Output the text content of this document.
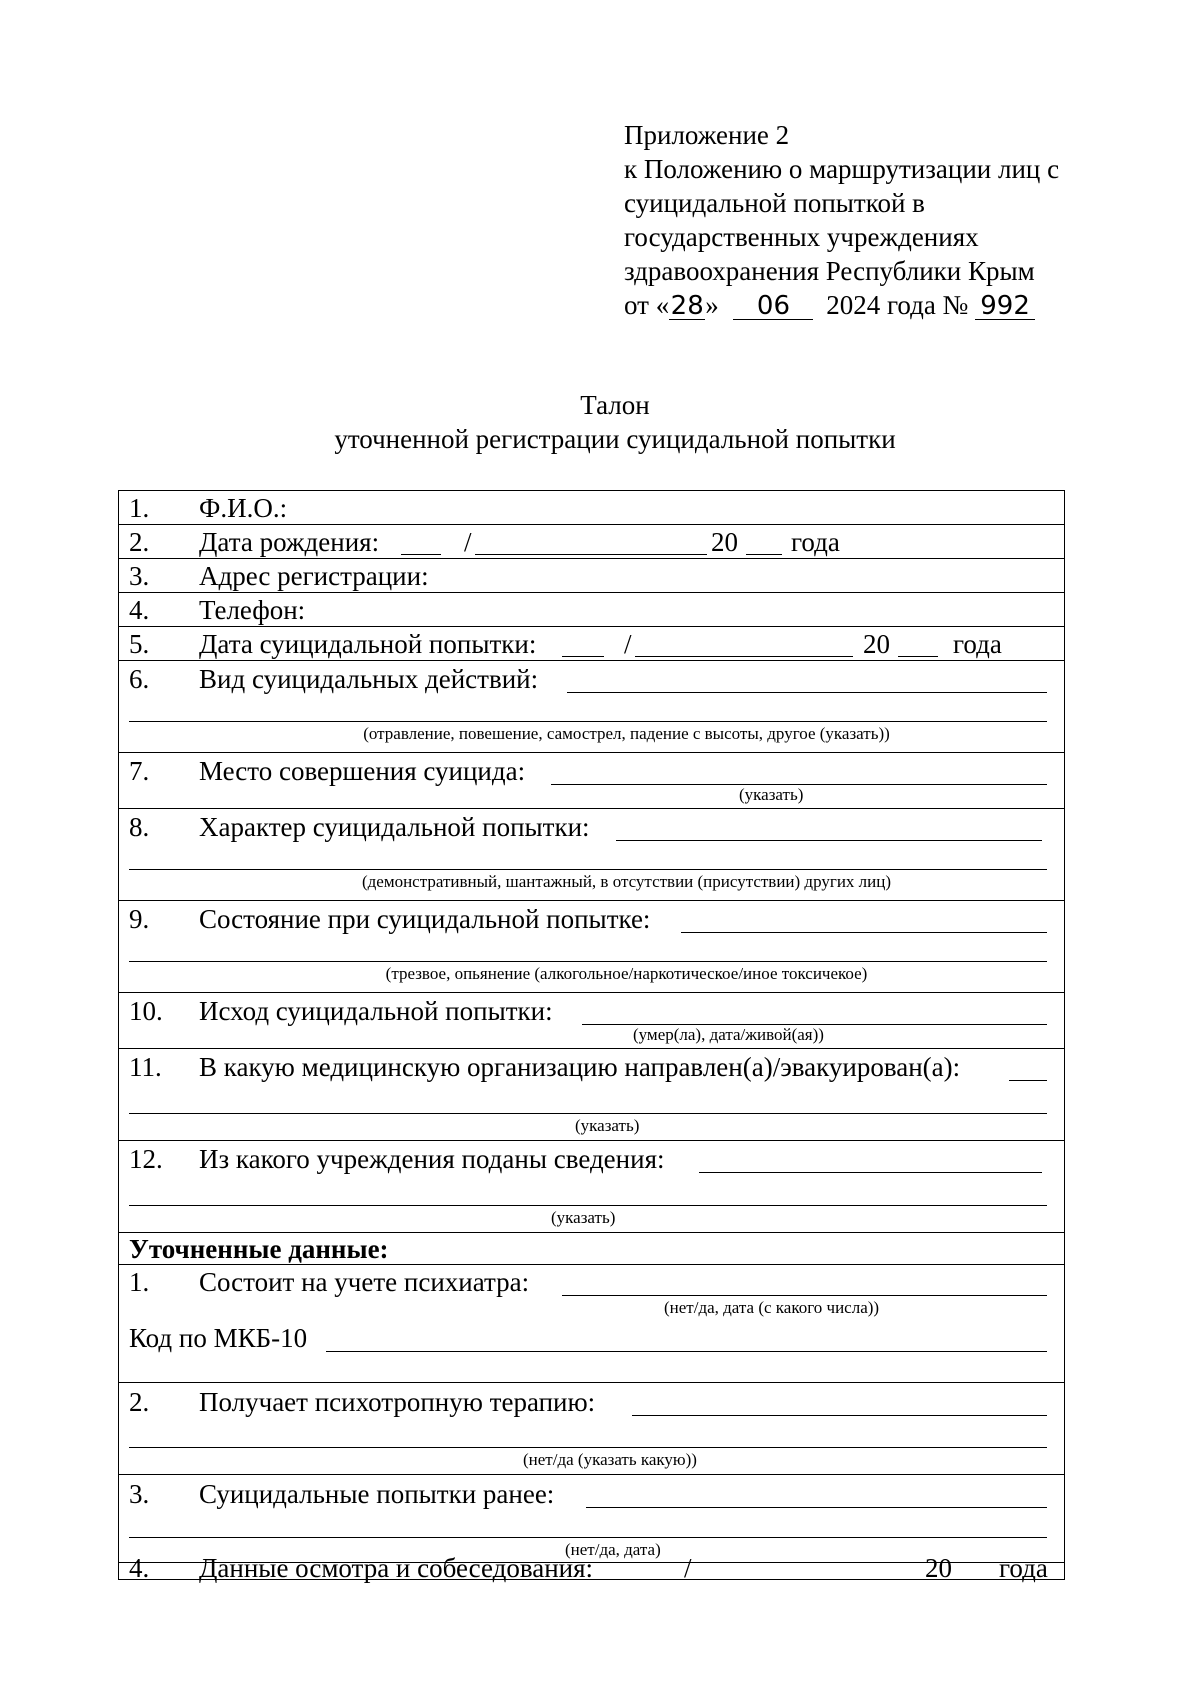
Приложение 2
к Положению о маршрутизации лиц с
суицидальной попыткой в
государственных учреждениях
здравоохранения Республики Крым
от «28» 06 2024 года № 992
Талон
уточненной регистрации суицидальной попытки
1. Ф.И.О.:
2. Дата рождения:	/	20 года
3. Адрес регистрации:
4. Телефон:
5. Дата суицидальной попытки:	/	20 года
6. Вид суицидальных действий:
(отравление, повешение, самострел, падение с высоты, другое (указать))
7. Место совершения суицида:
(указать)
8. Характер суицидальной попытки:
(демонстративный, шантажный, в отсутствии (присутствии) других лиц)
9. Состояние при суицидальной попытке:
(трезвое, опьянение (алкогольное/наркотическое/иное токсичекое)
10. Исход суицидальной попытки:
(умер(ла), дата/живой(ая))
11. В какую медицинскую организацию направлен(а)/эвакуирован(а):
(указать)
12. Из какого учреждения поданы сведения:
(указать)
Уточненные данные:
1. Состоит на учете психиатра:
(нет/да, дата (с какого числа))
Код по МКБ-10
2. Получает психотропную терапию:
(нет/да (указать какую))
3. Суицидальные попытки ранее:
(нет/да, дата)
4. Данные осмотра и собеседования:	/	20 года
